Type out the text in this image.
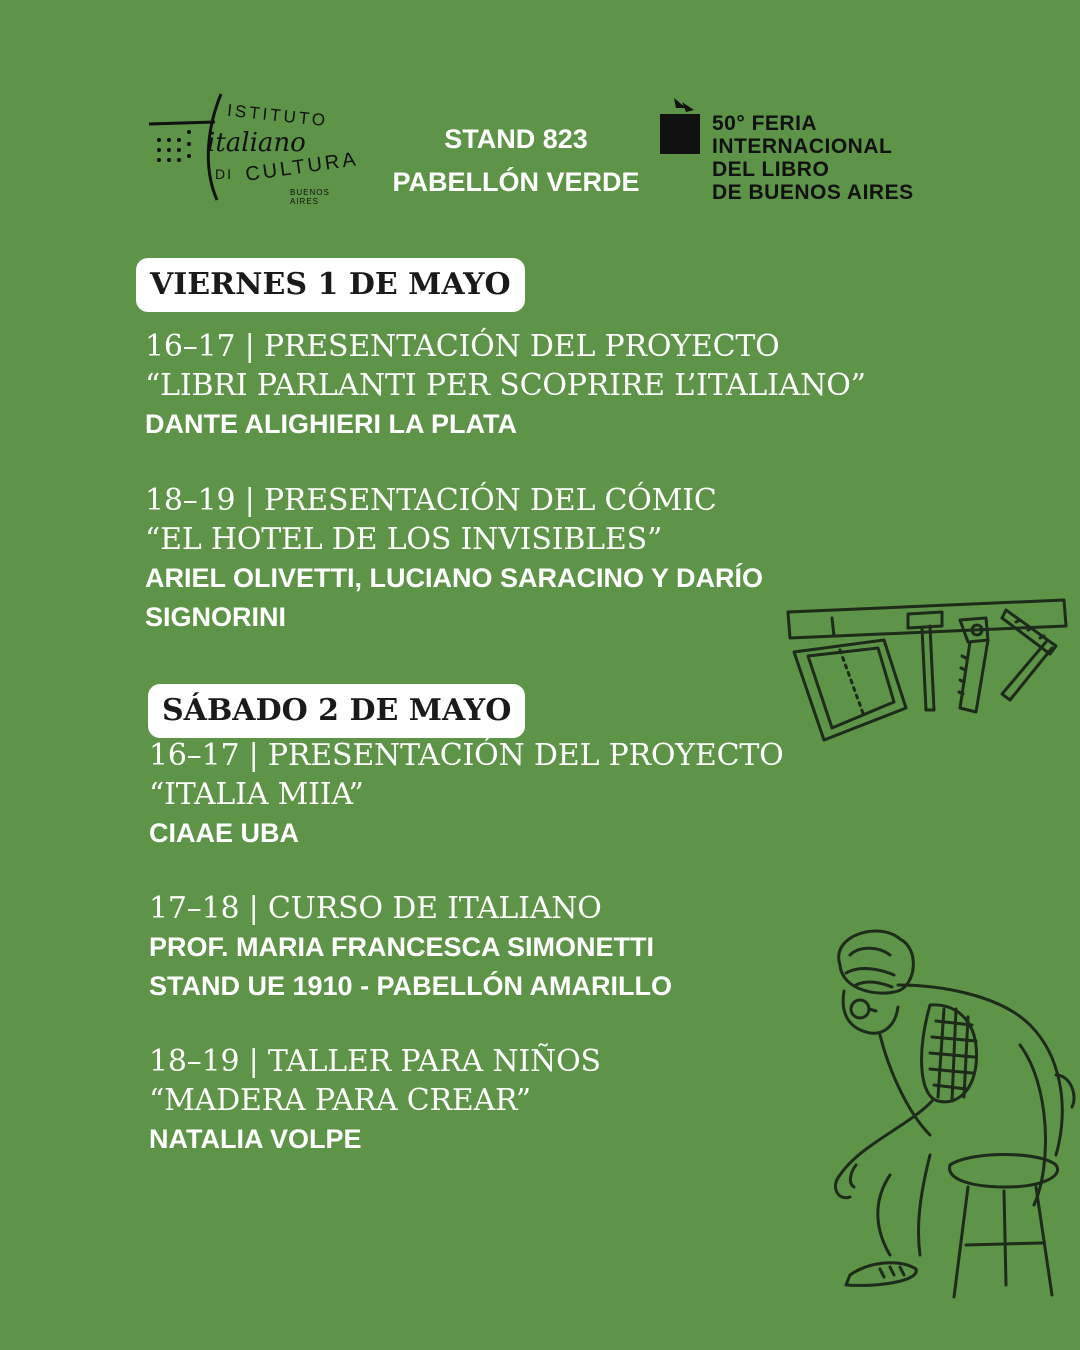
ISTITUTO
italiano
DI CULTURA
BUENOS AIRES
STAND 823
PABELLÓN VERDE
50° FERIA
INTERNACIONAL
DEL LIBRO
DE BUENOS AIRES
VIERNES 1 DE MAYO
16–17 | PRESENTACIÓN DEL PROYECTO
“LIBRI PARLANTI PER SCOPRIRE L’ITALIANO”
DANTE ALIGHIERI LA PLATA
18–19 | PRESENTACIÓN DEL CÓMIC
“EL HOTEL DE LOS INVISIBLES”
ARIEL OLIVETTI, LUCIANO SARACINO Y DARÍO
SIGNORINI
SÁBADO 2 DE MAYO
16–17 | PRESENTACIÓN DEL PROYECTO
“ITALIA MIIA”
CIAAE UBA
17–18 | CURSO DE ITALIANO
PROF. MARIA FRANCESCA SIMONETTI
STAND UE 1910 - PABELLÓN AMARILLO
18–19 | TALLER PARA NIÑOS
“MADERA PARA CREAR”
NATALIA VOLPE
